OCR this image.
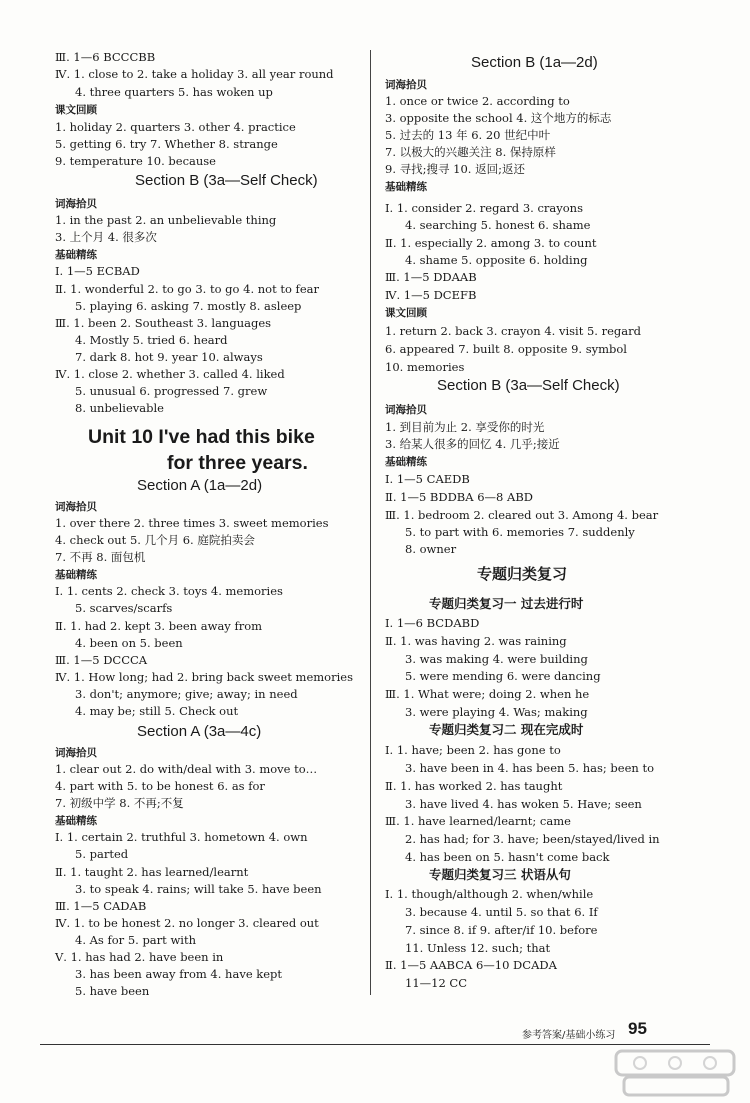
Ⅲ. 1—6 BCCCBB
Ⅳ. 1. close to 2. take a holiday 3. all year round
4. three quarters 5. has woken up
课文回顾
1. holiday 2. quarters 3. other 4. practice
5. getting 6. try 7. Whether 8. strange
9. temperature 10. because
Section B (3a—Self Check)
词海拾贝
1. in the past 2. an unbelievable thing
3. 上个月 4. 很多次
基础精练
Ⅰ. 1—5 ECBAD
Ⅱ. 1. wonderful 2. to go 3. to go 4. not to fear
5. playing 6. asking 7. mostly 8. asleep
Ⅲ. 1. been 2. Southeast 3. languages
4. Mostly 5. tried 6. heard
7. dark 8. hot 9. year 10. always
Ⅳ. 1. close 2. whether 3. called 4. liked
5. unusual 6. progressed 7. grew
8. unbelievable
Unit 10 I've had this bike
for three years.
Section A (1a—2d)
词海拾贝
1. over there 2. three times 3. sweet memories
4. check out 5. 几个月 6. 庭院拍卖会
7. 不再 8. 面包机
基础精练
Ⅰ. 1. cents 2. check 3. toys 4. memories
5. scarves/scarfs
Ⅱ. 1. had 2. kept 3. been away from
4. been on 5. been
Ⅲ. 1—5 DCCCA
Ⅳ. 1. How long; had 2. bring back sweet memories
3. don't; anymore; give; away; in need
4. may be; still 5. Check out
Section A (3a—4c)
词海拾贝
1. clear out 2. do with/deal with 3. move to…
4. part with 5. to be honest 6. as for
7. 初级中学 8. 不再;不复
基础精练
Ⅰ. 1. certain 2. truthful 3. hometown 4. own
5. parted
Ⅱ. 1. taught 2. has learned/learnt
3. to speak 4. rains; will take 5. have been
Ⅲ. 1—5 CADAB
Ⅳ. 1. to be honest 2. no longer 3. cleared out
4. As for 5. part with
Ⅴ. 1. has had 2. have been in
3. has been away from 4. have kept
5. have been
Section B (1a—2d)
词海拾贝
1. once or twice 2. according to
3. opposite the school 4. 这个地方的标志
5. 过去的 13 年 6. 20 世纪中叶
7. 以极大的兴趣关注 8. 保持原样
9. 寻找;搜寻 10. 返回;返还
基础精练
Ⅰ. 1. consider 2. regard 3. crayons
4. searching 5. honest 6. shame
Ⅱ. 1. especially 2. among 3. to count
4. shame 5. opposite 6. holding
Ⅲ. 1—5 DDAAB
Ⅳ. 1—5 DCEFB
课文回顾
1. return 2. back 3. crayon 4. visit 5. regard
6. appeared 7. built 8. opposite 9. symbol
10. memories
Section B (3a—Self Check)
词海拾贝
1. 到目前为止 2. 享受你的时光
3. 给某人很多的回忆 4. 几乎;接近
基础精练
Ⅰ. 1—5 CAEDB
Ⅱ. 1—5 BDDBA 6—8 ABD
Ⅲ. 1. bedroom 2. cleared out 3. Among 4. bear
5. to part with 6. memories 7. suddenly
8. owner
专题归类复习
专题归类复习一 过去进行时
Ⅰ. 1—6 BCDABD
Ⅱ. 1. was having 2. was raining
3. was making 4. were building
5. were mending 6. were dancing
Ⅲ. 1. What were; doing 2. when he
3. were playing 4. Was; making
专题归类复习二 现在完成时
Ⅰ. 1. have; been 2. has gone to
3. have been in 4. has been 5. has; been to
Ⅱ. 1. has worked 2. has taught
3. have lived 4. has woken 5. Have; seen
Ⅲ. 1. have learned/learnt; came
2. has had; for 3. have; been/stayed/lived in
4. has been on 5. hasn't come back
专题归类复习三 状语从句
Ⅰ. 1. though/although 2. when/while
3. because 4. until 5. so that 6. If
7. since 8. if 9. after/if 10. before
11. Unless 12. such; that
Ⅱ. 1—5 AABCA 6—10 DCADA
11—12 CC
参考答案/基础小练习 95
